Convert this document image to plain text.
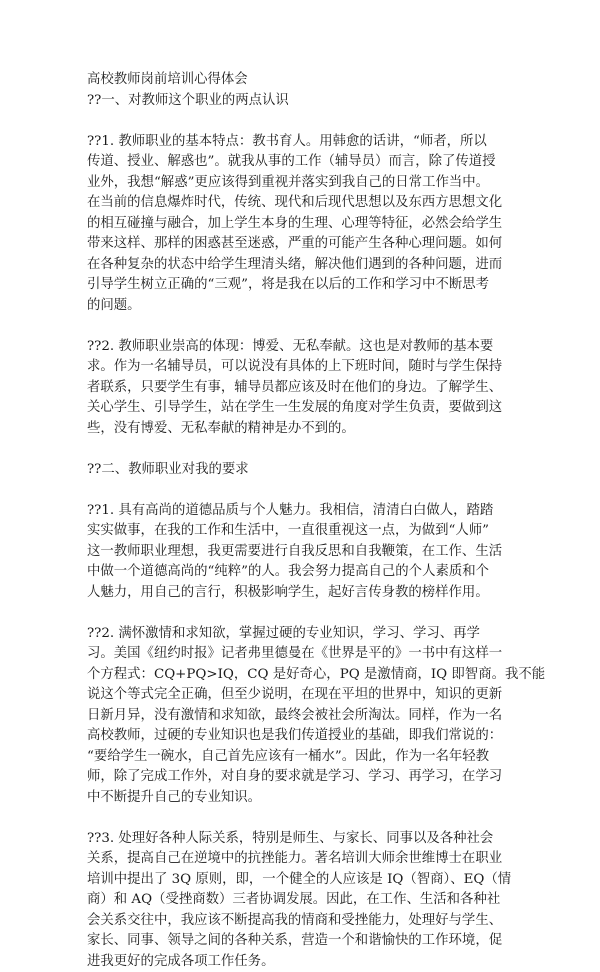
高校教师岗前培训心得体会
??一、对教师这个职业的两点认识
??1. 教师职业的基本特点：教书育人。用韩愈的话讲，“师者，所以
传道、授业、解惑也”。就我从事的工作（辅导员）而言，除了传道授
业外，我想“解惑”更应该得到重视并落实到我自己的日常工作当中。
在当前的信息爆炸时代，传统、现代和后现代思想以及东西方思想文化
的相互碰撞与融合，加上学生本身的生理、心理等特征，必然会给学生
带来这样、那样的困惑甚至迷惑，严重的可能产生各种心理问题。如何
在各种复杂的状态中给学生理清头绪，解决他们遇到的各种问题，进而
引导学生树立正确的“三观”，将是我在以后的工作和学习中不断思考
的问题。
??2. 教师职业崇高的体现：博爱、无私奉献。这也是对教师的基本要
求。作为一名辅导员，可以说没有具体的上下班时间，随时与学生保持
者联系，只要学生有事，辅导员都应该及时在他们的身边。了解学生、
关心学生、引导学生，站在学生一生发展的角度对学生负责，要做到这
些，没有博爱、无私奉献的精神是办不到的。
??二、教师职业对我的要求
??1. 具有高尚的道德品质与个人魅力。我相信，清清白白做人，踏踏
实实做事，在我的工作和生活中，一直很重视这一点，为做到“人师”
这一教师职业理想，我更需要进行自我反思和自我鞭策，在工作、生活
中做一个道德高尚的“纯粹”的人。我会努力提高自己的个人素质和个
人魅力，用自己的言行，积极影响学生，起好言传身教的榜样作用。
??2. 满怀激情和求知欲，掌握过硬的专业知识，学习、学习、再学
习。美国《纽约时报》记者弗里德曼在《世界是平的》一书中有这样一
个方程式：CQ+PQ>IQ，CQ 是好奇心，PQ 是激情商，IQ 即智商。我不能
说这个等式完全正确，但至少说明，在现在平坦的世界中，知识的更新
日新月异，没有激情和求知欲，最终会被社会所淘汰。同样，作为一名
高校教师，过硬的专业知识也是我们传道授业的基础，即我们常说的：
“要给学生一碗水，自己首先应该有一桶水”。因此，作为一名年轻教
师，除了完成工作外，对自身的要求就是学习、学习、再学习，在学习
中不断提升自己的专业知识。
??3. 处理好各种人际关系，特别是师生、与家长、同事以及各种社会
关系，提高自己在逆境中的抗挫能力。著名培训大师余世维博士在职业
培训中提出了 3Q 原则，即，一个健全的人应该是 IQ（智商）、EQ（情
商）和 AQ（受挫商数）三者协调发展。因此，在工作、生活和各种社
会关系交往中，我应该不断提高我的情商和受挫能力，处理好与学生、
家长、同事、领导之间的各种关系，营造一个和谐愉快的工作环境，促
进我更好的完成各项工作任务。
